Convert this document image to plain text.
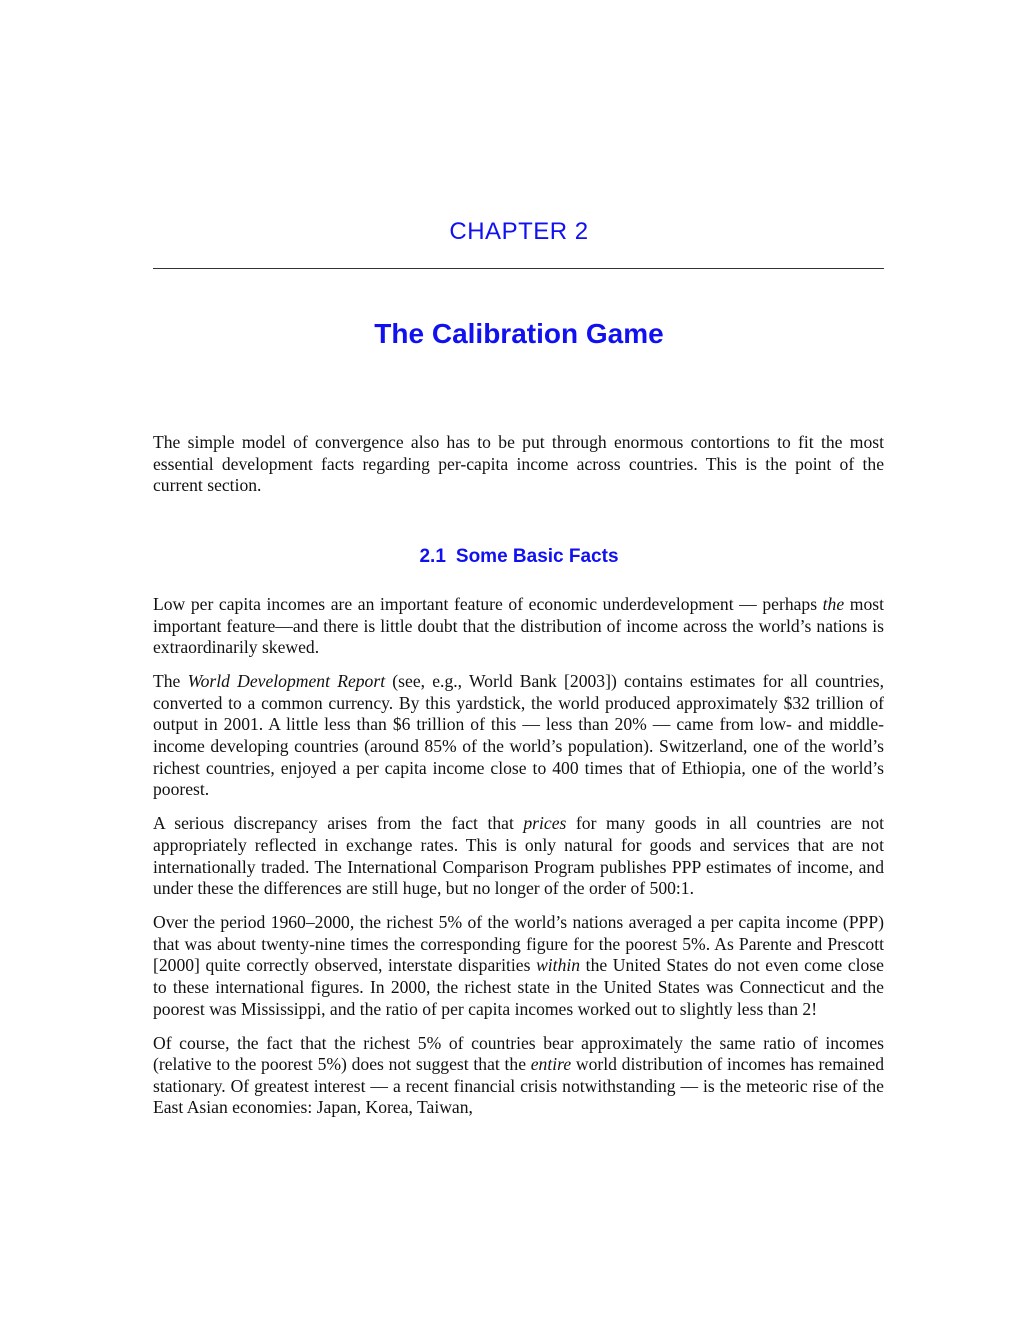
CHAPTER 2
The Calibration Game

The simple model of convergence also has to be put through enormous contortions to fit the most essential development facts regarding per-capita income across countries. This is the point of the current section.

2.1 Some Basic Facts

Low per capita incomes are an important feature of economic underdevelopment — perhaps the most important feature—and there is little doubt that the distribution of income across the world’s nations is extraordinarily skewed.

The World Development Report (see, e.g., World Bank [2003]) contains estimates for all countries, converted to a common currency. By this yardstick, the world produced approximately $32 trillion of output in 2001. A little less than $6 trillion of this — less than 20% — came from low- and middle-income developing countries (around 85% of the world’s population). Switzerland, one of the world’s richest countries, enjoyed a per capita income close to 400 times that of Ethiopia, one of the world’s poorest.

A serious discrepancy arises from the fact that prices for many goods in all countries are not appropriately reflected in exchange rates. This is only natural for goods and services that are not internationally traded. The International Comparison Program publishes PPP estimates of income, and under these the differences are still huge, but no longer of the order of 500:1.

Over the period 1960–2000, the richest 5% of the world’s nations averaged a per capita income (PPP) that was about twenty-nine times the corresponding figure for the poorest 5%. As Parente and Prescott [2000] quite correctly observed, interstate disparities within the United States do not even come close to these international figures. In 2000, the richest state in the United States was Connecticut and the poorest was Mississippi, and the ratio of per capita incomes worked out to slightly less than 2!

Of course, the fact that the richest 5% of countries bear approximately the same ratio of incomes (relative to the poorest 5%) does not suggest that the entire world distribution of incomes has remained stationary. Of greatest interest — a recent financial crisis notwithstanding — is the meteoric rise of the East Asian economies: Japan, Korea, Taiwan,
